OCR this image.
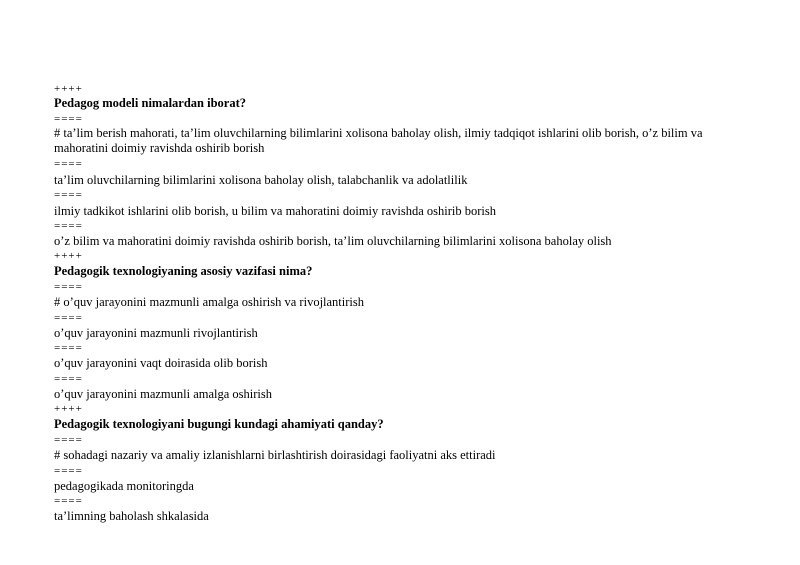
++++
Pedagog modeli nimalardan iborat?
====
# ta’lim berish mahorati, ta’lim oluvchilarning bilimlarini xolisona baholay olish, ilmiy tadqiqot ishlarini olib borish, o’z bilim va mahoratini doimiy ravishda oshirib borish
====
ta’lim oluvchilarning bilimlarini xolisona baholay olish, talabchanlik va adolatlilik
====
ilmiy tadkikot ishlarini olib borish, u bilim va mahoratini doimiy ravishda oshirib borish
====
o’z bilim va mahoratini doimiy ravishda oshirib borish, ta’lim oluvchilarning bilimlarini xolisona baholay olish
++++
Pedagogik texnologiyaning asosiy vazifasi nima?
====
# o’quv jarayonini mazmunli amalga oshirish va rivojlantirish
====
o’quv jarayonini mazmunli rivojlantirish
====
o’quv jarayonini vaqt doirasida olib borish
====
o’quv jarayonini mazmunli amalga oshirish
++++
Pedagogik texnologiyani bugungi kundagi ahamiyati qanday?
====
# sohadagi nazariy va amaliy izlanishlarni birlashtirish doirasidagi faoliyatni aks ettiradi
====
pedagogikada monitoringda
====
ta’limning baholash shkalasida
